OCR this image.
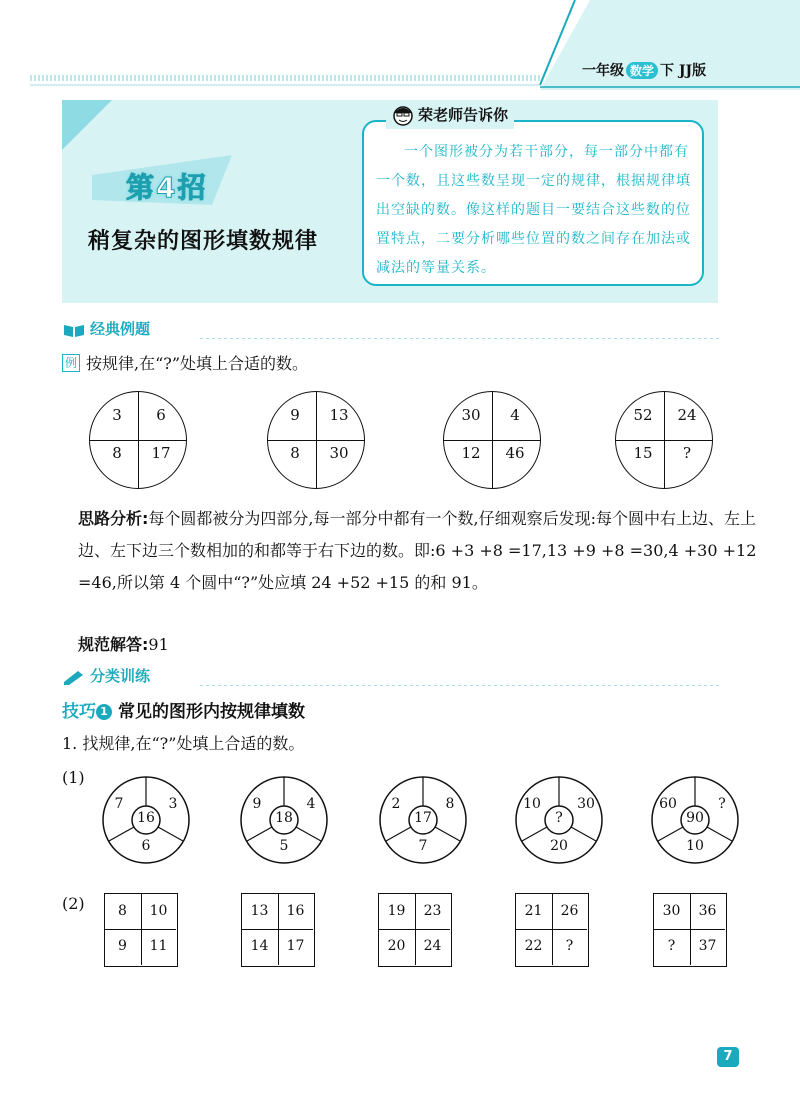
一年级 数学 下 JJ版
第4招
稍复杂的图形填数规律
一个图形被分为若干部分，每一部分中都有一个数，且这些数呈现一定的规律，根据规律填出空缺的数。像这样的题目一要结合这些数的位置特点，二要分析哪些位置的数之间存在加法或减法的等量关系。
荣老师告诉你
经典例题
例 按规律,在“?”处填上合适的数。
3	6
8	17
9	13
8	30
30	4
12	46
52	24
15	?
思路分析:每个圆都被分为四部分,每一部分中都有一个数,仔细观察后发现:每个圆中右上边、左上边、左下边三个数相加的和都等于右下边的数。即:6 +3 +8 =17,13 +9 +8 =30,4 +30 +12 =46,所以第 4 个圆中“?”处应填 24 +52 +15 的和 91。
规范解答:91
分类训练
技巧 1 常见的图形内按规律填数
1. 找规律,在“?”处填上合适的数。
(1)
7	3
6
16
9	4
5
18
2	8
7
17
10	30
20
?
60	?
10
90
(2)	8	10
9	11
13	16
14	17
19	23
20	24
21	26
22	?
30	36
?	37
7
